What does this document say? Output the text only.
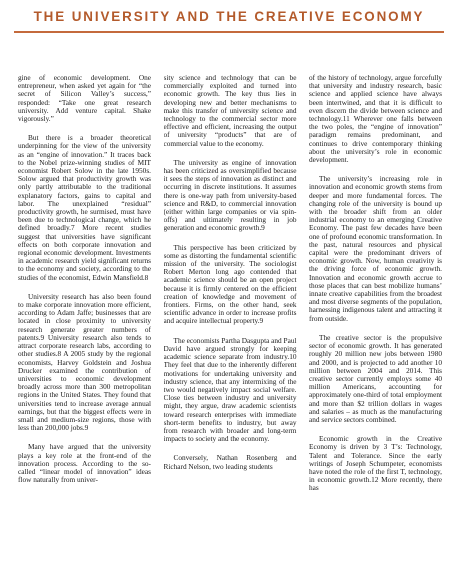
THE UNIVERSITY AND THE CREATIVE ECONOMY

gine of economic development. One entrepreneur, when asked yet again for “the secret of Silicon Valley’s success,” responded: “Take one great research university. Add venture capital. Shake vigorously.”

But there is a broader theoretical underpinning for the view of the university as an “engine of innovation.” It traces back to the Nobel prize-winning studies of MIT economist Robert Solow in the late 1950s. Solow argued that productivity growth was only partly attributable to the traditional explanatory factors, gains to capital and labor. The unexplained “residual” productivity growth, he surmised, must have been due to technological change, which he defined broadly.7 More recent studies suggest that universities have significant effects on both corporate innovation and regional economic development. Investments in academic research yield significant returns to the economy and society, according to the studies of the economist, Edwin Mansfield.8

University research has also been found to make corporate innovation more efficient, according to Adam Jaffe; businesses that are located in close proximity to university research generate greater numbers of patents.9 University research also tends to attract corporate research labs, according to other studies.8 A 2005 study by the regional economists, Harvey Goldstein and Joshua Drucker examined the contribution of universities to economic development broadly across more than 300 metropolitan regions in the United States. They found that universities tend to increase average annual earnings, but that the biggest effects were in small and medium-size regions, those with less than 200,000 jobs.9

Many have argued that the university plays a key role at the front-end of the innovation process. According to the so-called “linear model of innovation” ideas flow naturally from univer-

sity science and technology that can be commercially exploited and turned into economic growth. The key thus lies in developing new and better mechanisms to make this transfer of university science and technology to the commercial sector more effective and efficient, increasing the output of university “products” that are of commercial value to the economy.

The university as engine of innovation has been criticized as oversimplified because it sees the steps of innovation as distinct and occurring in discrete institutions. It assumes there is one-way path from university-based science and R&D, to commercial innovation (either within large companies or via spin-offs) and ultimately resulting in job generation and economic growth.9

This perspective has been criticized by some as distorting the fundamental scientific mission of the university. The sociologist Robert Merton long ago contended that academic science should be an open project because it is firmly centered on the efficient creation of knowledge and movement of frontiers. Firms, on the other hand, seek scientific advance in order to increase profits and acquire intellectual property.9

The economists Partha Dasgupta and Paul David have argued strongly for keeping academic science separate from industry.10 They feel that due to the inherently different motivations for undertaking university and industry science, that any intermixing of the two would negatively impact social welfare. Close ties between industry and university might, they argue, draw academic scientists toward research enterprises with immediate short-term benefits to industry, but away from research with broader and long-term impacts to society and the economy.

Conversely, Nathan Rosenberg and Richard Nelson, two leading students

of the history of technology, argue forcefully that university and industry research, basic science and applied science have always been intertwined, and that it is difficult to even discern the divide between science and technology.11 Wherever one falls between the two poles, the “engine of innovation” paradigm remains predominant, and continues to drive contemporary thinking about the university’s role in economic development.

The university’s increasing role in innovation and economic growth stems from deeper and more fundamental forces. The changing role of the university is bound up with the broader shift from an older industrial economy to an emerging Creative Economy. The past few decades have been one of profound economic transformation. In the past, natural resources and physical capital were the predominant drivers of economic growth. Now, human creativity is the driving force of economic growth. Innovation and economic growth accrue to those places that can best mobilize humans’ innate creative capabilities from the broadest and most diverse segments of the population, harnessing indigenous talent and attracting it from outside.

The creative sector is the propulsive sector of economic growth. It has generated roughly 20 million new jobs between 1980 and 2000, and is projected to add another 10 million between 2004 and 2014. This creative sector currently employs some 40 million Americans, accounting for approximately one-third of total employment and more than $2 trillion dollars in wages and salaries – as much as the manufacturing and service sectors combined.

Economic growth in the Creative Economy is driven by 3 T’s: Technology, Talent and Tolerance. Since the early writings of Joseph Schumpeter, economists have noted the role of the first T, technology, in economic growth.12 More recently, there has
